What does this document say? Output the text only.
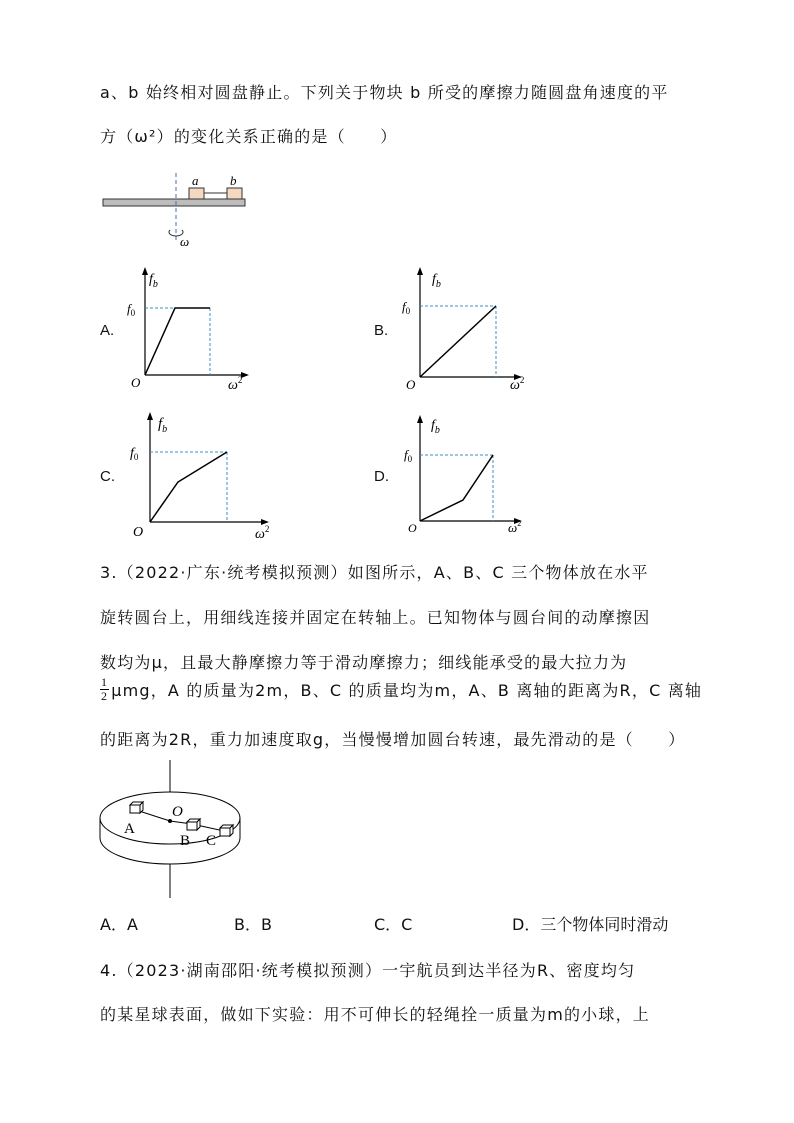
a、b 始终相对圆盘静止。下列关于物块 b 所受的摩擦力随圆盘角速度的平
方（ω²）的变化关系正确的是（　　）
a b
ω
A.	B.
C.	D.
$f_b$
$f_0$
O	$\omega^2$
$f_b$
$f_0$
O	$\omega^2$
$f_b$
$f_0$
O	$\omega^2$
$f_b$
$f_0$
O	$\omega^2$
3.（2022·广东·统考模拟预测）如图所示，A、B、C 三个物体放在水平
旋转圆台上，用细线连接并固定在转轴上。已知物体与圆台间的动摩擦因
数均为μ，且最大静摩擦力等于滑动摩擦力；细线能承受的最大拉力为
$\frac{1}{2}$ μmg，A 的质量为2m，B、C 的质量均为m，A、B 离轴的距离为R，C 离轴
的距离为2R，重力加速度取g，当慢慢增加圆台转速，最先滑动的是（　　）
O
A
B C
A．A	B．B	C．C	D．三个物体同时滑动
4.（2023·湖南邵阳·统考模拟预测）一宇航员到达半径为R、密度均匀
的某星球表面，做如下实验：用不可伸长的轻绳拴一质量为m的小球，上
